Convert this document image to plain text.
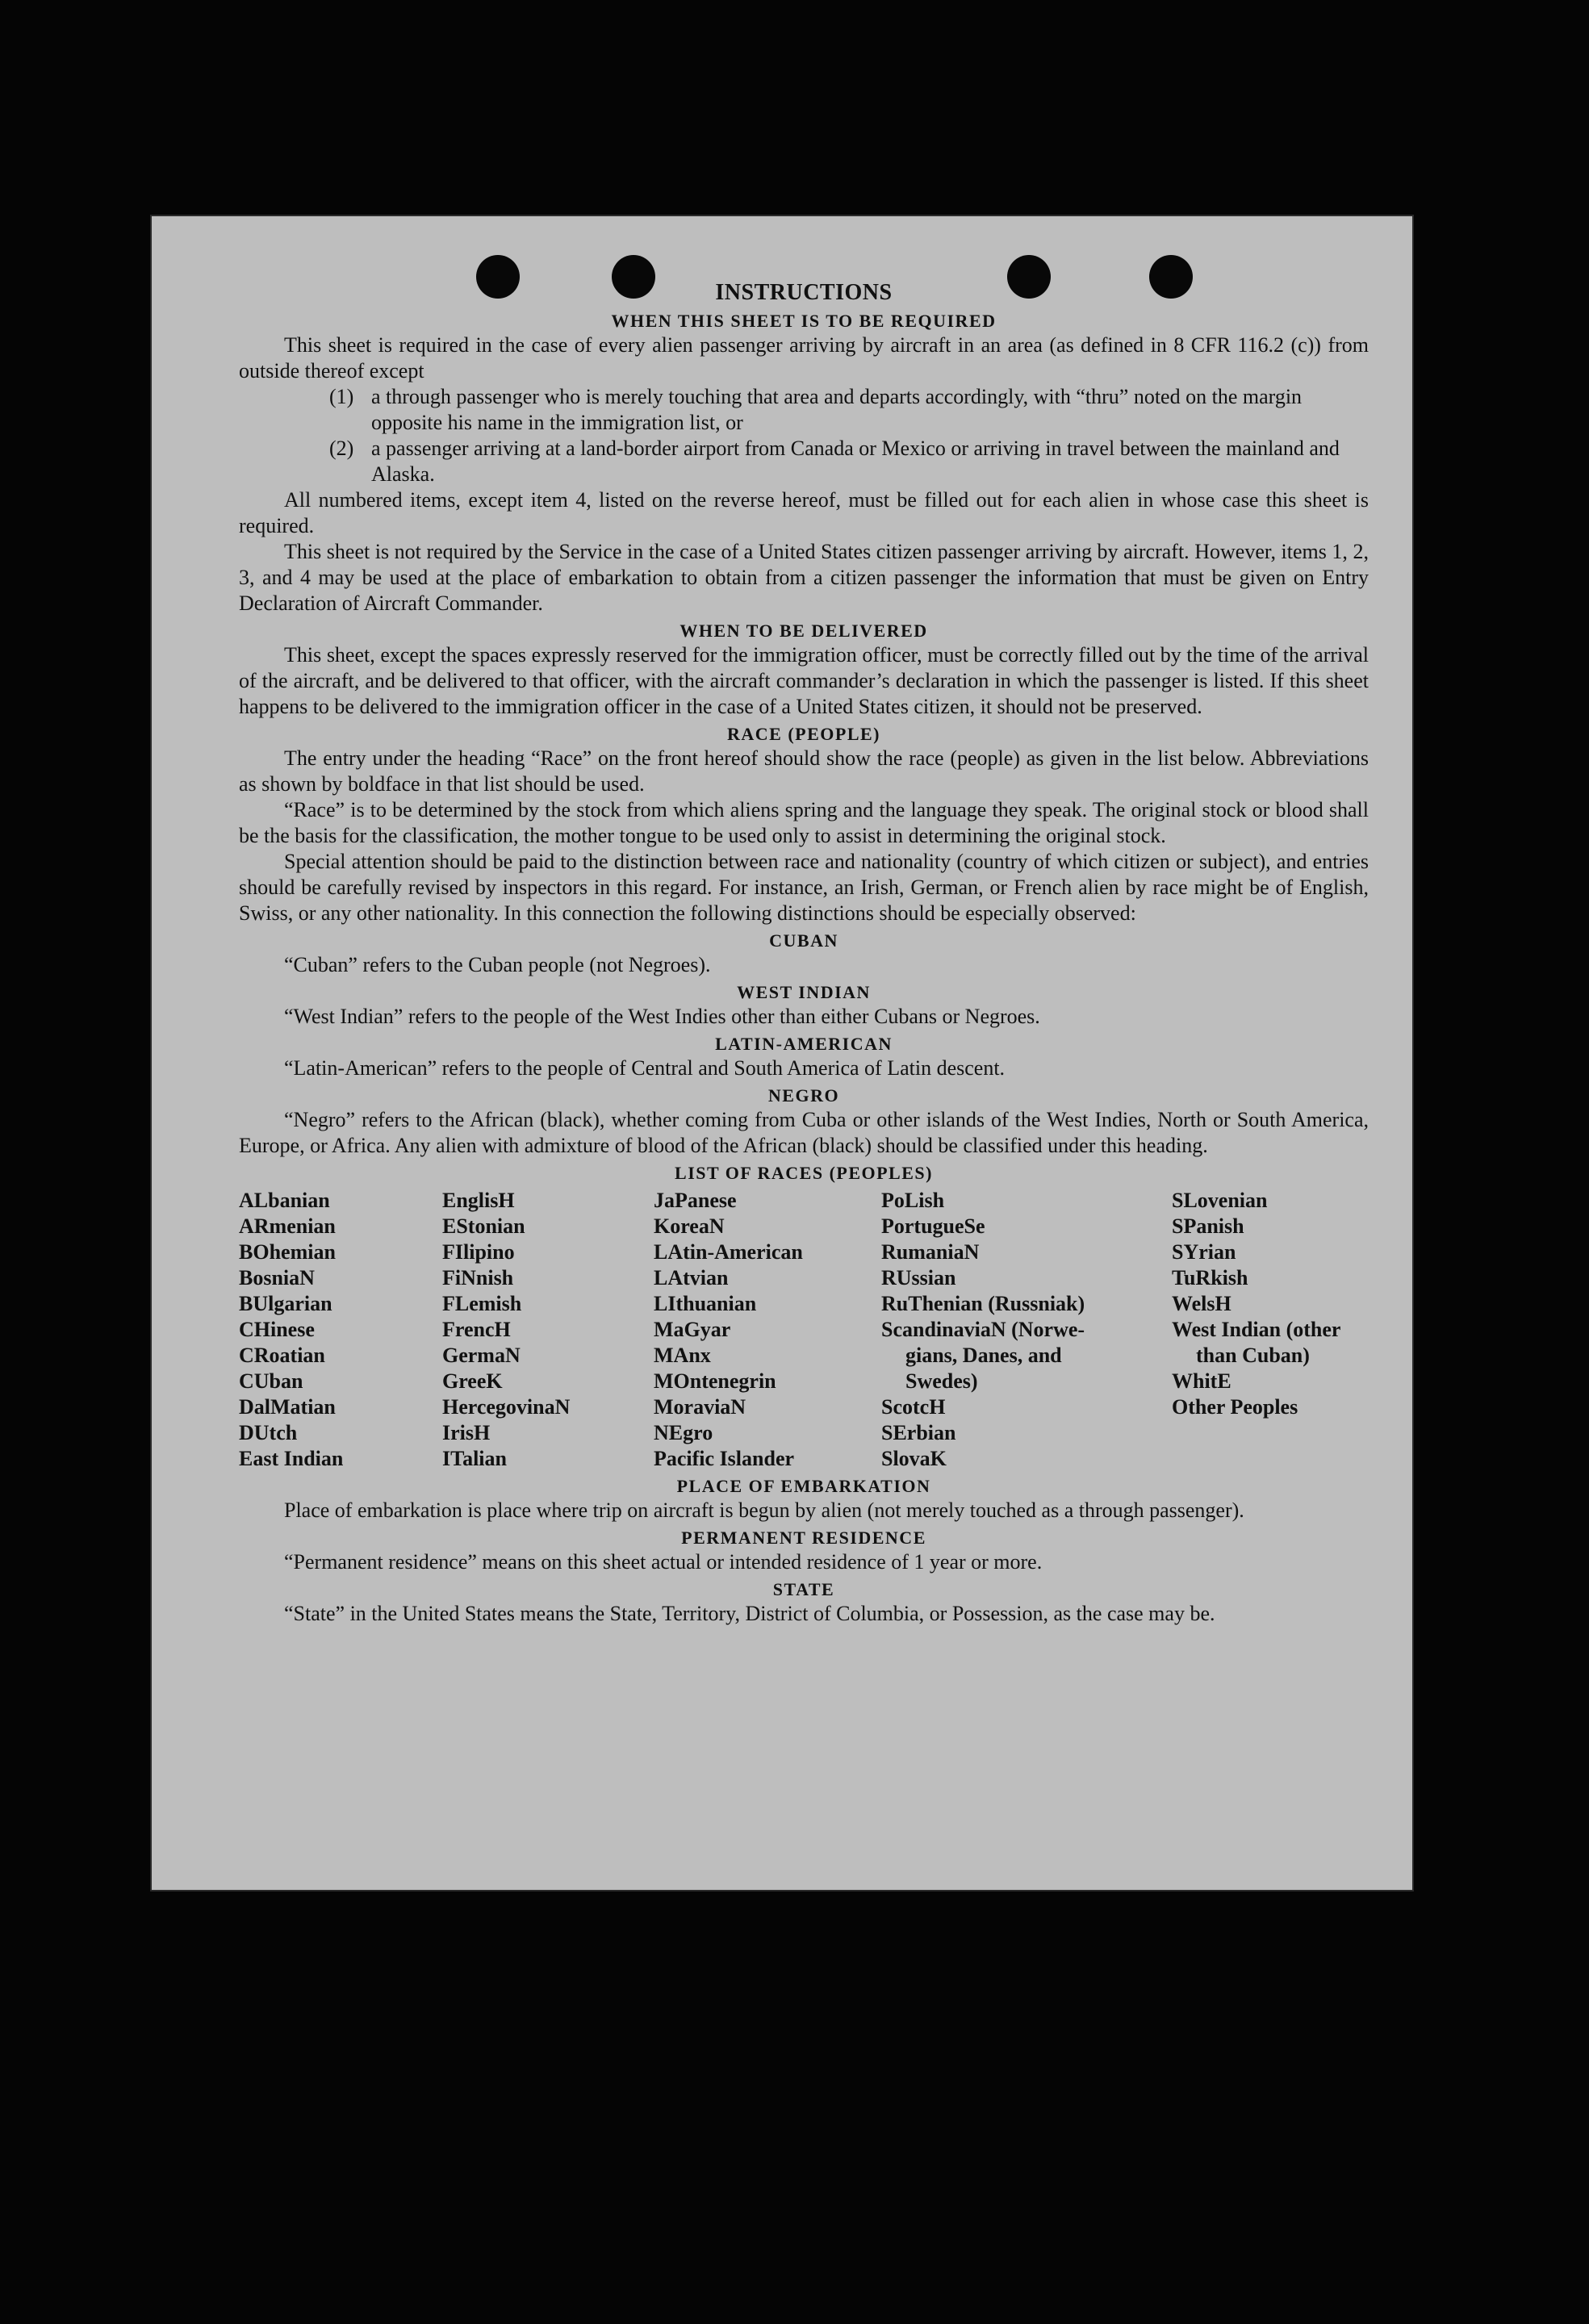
INSTRUCTIONS
WHEN THIS SHEET IS TO BE REQUIRED

This sheet is required in the case of every alien passenger arriving by aircraft in an area (as defined in 8 CFR 116.2 (c)) from outside thereof except

(1) a through passenger who is merely touching that area and departs accordingly, with “thru” noted on the margin opposite his name in the immigration list, or
(2) a passenger arriving at a land-border airport from Canada or Mexico or arriving in travel between the mainland and Alaska.

All numbered items, except item 4, listed on the reverse hereof, must be filled out for each alien in whose case this sheet is required.

This sheet is not required by the Service in the case of a United States citizen passenger arriving by aircraft. However, items 1, 2, 3, and 4 may be used at the place of embarkation to obtain from a citizen passenger the information that must be given on Entry Declaration of Aircraft Commander.

WHEN TO BE DELIVERED

This sheet, except the spaces expressly reserved for the immigration officer, must be correctly filled out by the time of the arrival of the aircraft, and be delivered to that officer, with the aircraft commander’s declaration in which the passenger is listed. If this sheet happens to be delivered to the immigration officer in the case of a United States citizen, it should not be preserved.

RACE (PEOPLE)

The entry under the heading “Race” on the front hereof should show the race (people) as given in the list below. Abbreviations as shown by boldface in that list should be used.

“Race” is to be determined by the stock from which aliens spring and the language they speak. The original stock or blood shall be the basis for the classification, the mother tongue to be used only to assist in determining the original stock.

Special attention should be paid to the distinction between race and nationality (country of which citizen or subject), and entries should be carefully revised by inspectors in this regard. For instance, an Irish, German, or French alien by race might be of English, Swiss, or any other nationality. In this connection the following distinctions should be especially observed:

CUBAN

“Cuban” refers to the Cuban people (not Negroes).

WEST INDIAN

“West Indian” refers to the people of the West Indies other than either Cubans or Negroes.

LATIN-AMERICAN

“Latin-American” refers to the people of Central and South America of Latin descent.

NEGRO

“Negro” refers to the African (black), whether coming from Cuba or other islands of the West Indies, North or South America, Europe, or Africa. Any alien with admixture of blood of the African (black) should be classified under this heading.

LIST OF RACES (PEOPLES)
ALbanian
ARmenian
BOhemian
BosniaN
BUlgarian
CHinese
CRoatian
CUban
DalMatian
DUtch
East Indian
EnglisH
EStonian
FIlipino
FiNnish
FLemish
FrencH
GermaN
GreeK
HercegovinaN
IrisH
ITalian
JaPanese
KoreaN
LAtin-American
LAtvian
LIthuanian
MaGyar
MAnx
MOntenegrin
MoraviaN
NEgro
Pacific Islander
PoLish
PortugueSe
RumaniaN
RUssian
RuThenian (Russniak)
ScandinaviaN (Norwe-
gians, Danes, and
Swedes)
ScotcH
SErbian
SlovaK
SLovenian
SPanish
SYrian
TuRkish
WelsH
West Indian (other
than Cuban)
WhitE
Other Peoples
PLACE OF EMBARKATION

Place of embarkation is place where trip on aircraft is begun by alien (not merely touched as a through passenger).

PERMANENT RESIDENCE

“Permanent residence” means on this sheet actual or intended residence of 1 year or more.

STATE

“State” in the United States means the State, Territory, District of Columbia, or Possession, as the case may be.
